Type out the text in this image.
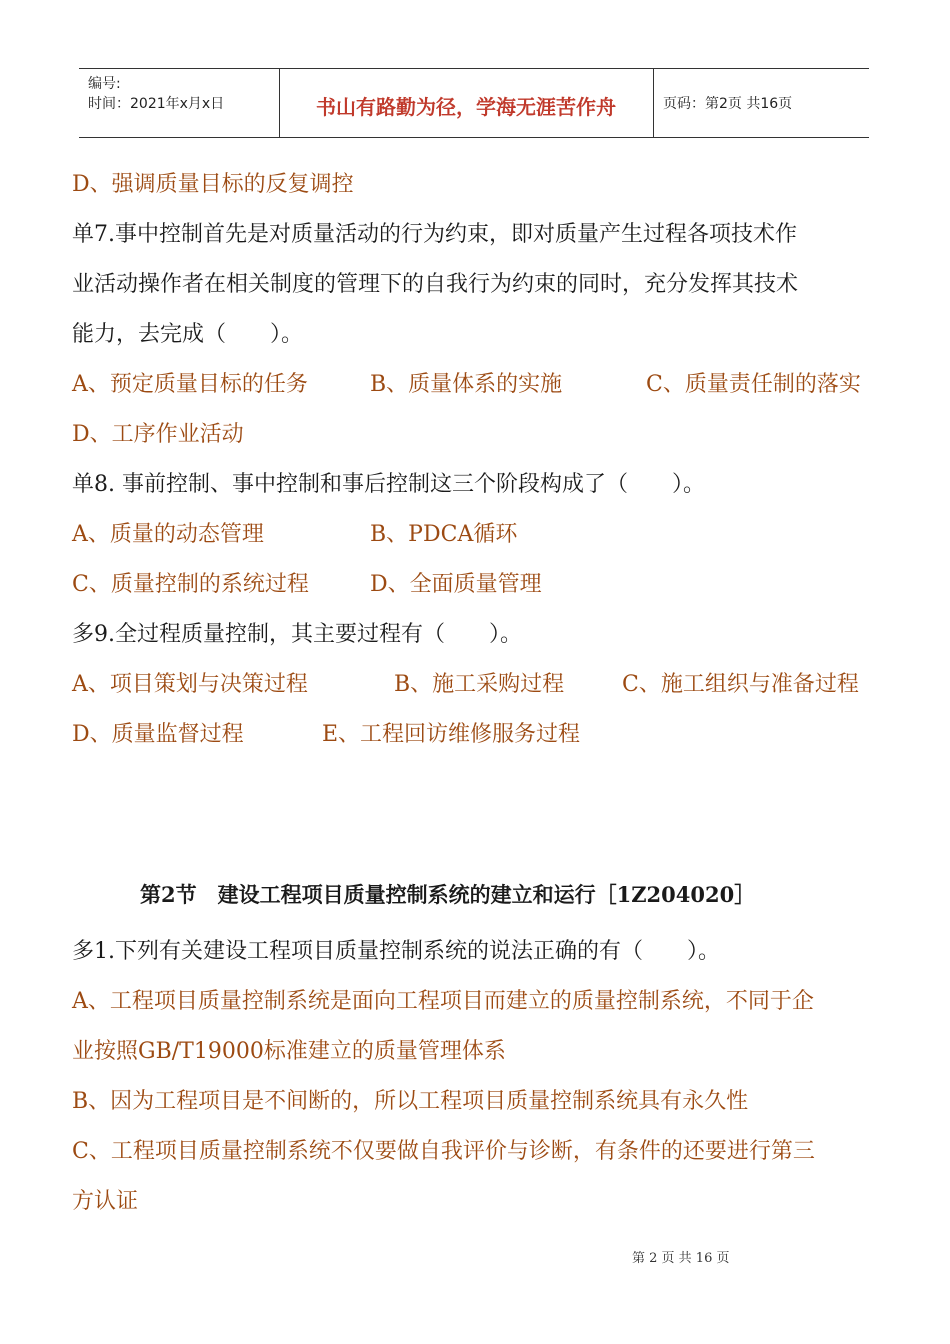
编号:
时间：2021年x月x日	书山有路勤为径，学海无涯苦作舟	页码：第2页 共16页
D、强调质量目标的反复调控
单7.事中控制首先是对质量活动的行为约束，即对质量产生过程各项技术作
业活动操作者在相关制度的管理下的自我行为约束的同时，充分发挥其技术
能力，去完成（　　）。
A、预定质量目标的任务	B、质量体系的实施	C、质量责任制的落实
D、工序作业活动
单8. 事前控制、事中控制和事后控制这三个阶段构成了（　　）。
A、质量的动态管理	B、PDCA循环
C、质量控制的系统过程	D、全面质量管理
多9.全过程质量控制，其主要过程有（　　）。
A、项目策划与决策过程	B、施工采购过程	C、施工组织与准备过程
D、质量监督过程	E、工程回访维修服务过程
第2节　建设工程项目质量控制系统的建立和运行［1Z204020］
多1.下列有关建设工程项目质量控制系统的说法正确的有（　　）。
A、工程项目质量控制系统是面向工程项目而建立的质量控制系统，不同于企
业按照GB/T19000标准建立的质量管理体系
B、因为工程项目是不间断的，所以工程项目质量控制系统具有永久性
C、工程项目质量控制系统不仅要做自我评价与诊断，有条件的还要进行第三
方认证
第 2 页 共 16 页
